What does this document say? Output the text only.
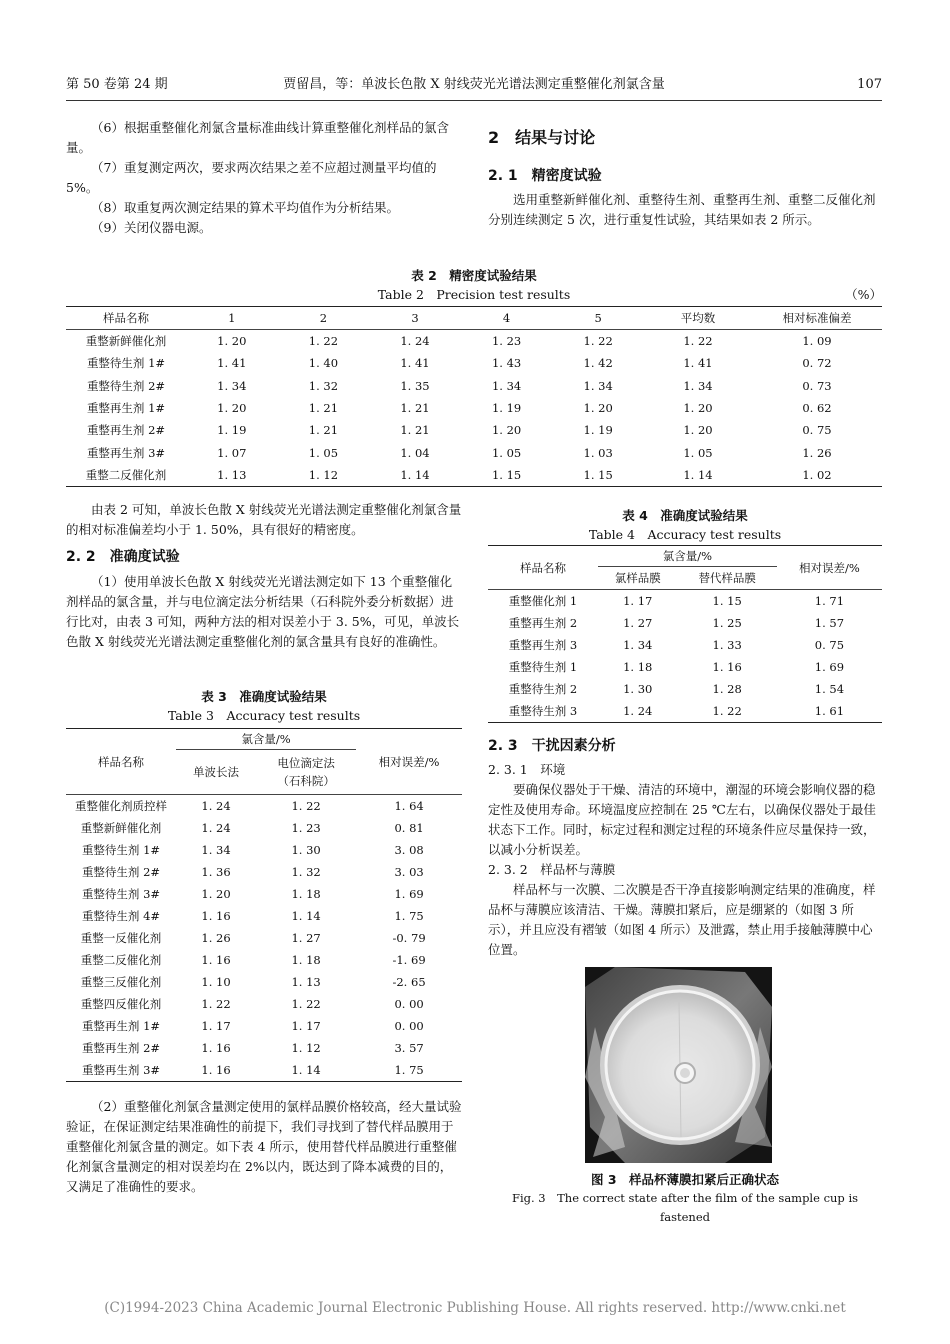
第 50 卷第 24 期	贾留昌，等：单波长色散 X 射线荧光光谱法测定重整催化剂氯含量	107

（6）根据重整催化剂氯含量标准曲线计算重整催化剂样品的氯含量。

（7）重复测定两次，要求两次结果之差不应超过测量平均值的 5%。

（8）取重复两次测定结果的算术平均值作为分析结果。

（9）关闭仪器电源。

2　结果与讨论
2. 1　精密度试验

选用重整新鲜催化剂、重整待生剂、重整再生剂、重整二反催化剂分别连续测定 5 次，进行重复性试验，其结果如表 2 所示。

表 2　精密度试验结果
Table 2　Precision test results	（%）
样品名称	1	2	3	4	5	平均数	相对标准偏差
重整新鲜催化剂	1. 20	1. 22	1. 24	1. 23	1. 22	1. 22	1. 09
重整待生剂 1#	1. 41	1. 40	1. 41	1. 43	1. 42	1. 41	0. 72
重整待生剂 2#	1. 34	1. 32	1. 35	1. 34	1. 34	1. 34	0. 73
重整再生剂 1#	1. 20	1. 21	1. 21	1. 19	1. 20	1. 20	0. 62
重整再生剂 2#	1. 19	1. 21	1. 21	1. 20	1. 19	1. 20	0. 75
重整再生剂 3#	1. 07	1. 05	1. 04	1. 05	1. 03	1. 05	1. 26
重整二反催化剂	1. 13	1. 12	1. 14	1. 15	1. 15	1. 14	1. 02

由表 2 可知，单波长色散 X 射线荧光光谱法测定重整催化剂氯含量的相对标准偏差均小于 1. 50%，具有很好的精密度。

2. 2　准确度试验

（1）使用单波长色散 X 射线荧光光谱法测定如下 13 个重整催化剂样品的氯含量，并与电位滴定法分析结果（石科院外委分析数据）进行比对，由表 3 可知，两种方法的相对误差小于 3. 5%，可见，单波长色散 X 射线荧光光谱法测定重整催化剂的氯含量具有良好的准确性。

表 3　准确度试验结果
Table 3　Accuracy test results
样品名称	氯含量/%		相对误差/%
	单波长法	电位滴定法
（石科院）	
重整催化剂质控样	1. 24	1. 22	1. 64
重整新鲜催化剂	1. 24	1. 23	0. 81
重整待生剂 1#	1. 34	1. 30	3. 08
重整待生剂 2#	1. 36	1. 32	3. 03
重整待生剂 3#	1. 20	1. 18	1. 69
重整待生剂 4#	1. 16	1. 14	1. 75
重整一反催化剂	1. 26	1. 27	-0. 79
重整二反催化剂	1. 16	1. 18	-1. 69
重整三反催化剂	1. 10	1. 13	-2. 65
重整四反催化剂	1. 22	1. 22	0. 00
重整再生剂 1#	1. 17	1. 17	0. 00
重整再生剂 2#	1. 16	1. 12	3. 57
重整再生剂 3#	1. 16	1. 14	1. 75

（2）重整催化剂氯含量测定使用的氯样品膜价格较高，经大量试验验证，在保证测定结果准确性的前提下，我们寻找到了替代样品膜用于重整催化剂氯含量的测定。如下表 4 所示，使用替代样品膜进行重整催化剂氯含量测定的相对误差均在 2%以内，既达到了降本减费的目的，又满足了准确性的要求。

表 4　准确度试验结果
Table 4　Accuracy test results
样品名称	氯含量/%		相对误差/%
	氯样品膜	替代样品膜	
重整催化剂 1	1. 17	1. 15	1. 71
重整再生剂 2	1. 27	1. 25	1. 57
重整再生剂 3	1. 34	1. 33	0. 75
重整待生剂 1	1. 18	1. 16	1. 69
重整待生剂 2	1. 30	1. 28	1. 54
重整待生剂 3	1. 24	1. 22	1. 61
2. 3　干扰因素分析

2. 3. 1　环境

要确保仪器处于干燥、清洁的环境中，潮湿的环境会影响仪器的稳定性及使用寿命。环境温度应控制在 25 ℃左右，以确保仪器处于最佳状态下工作。同时，标定过程和测定过程的环境条件应尽量保持一致，以减小分析误差。

2. 3. 2　样品杯与薄膜

样品杯与一次膜、二次膜是否干净直接影响测定结果的准确度，样品杯与薄膜应该清洁、干燥。薄膜扣紧后，应是绷紧的（如图 3 所示），并且应没有褶皱（如图 4 所示）及泄露，禁止用手接触薄膜中心位置。

图 3　样品杯薄膜扣紧后正确状态
Fig. 3　The correct state after the film of the sample cup is fastened
(C)1994-2023 China Academic Journal Electronic Publishing House. All rights reserved. http://www.cnki.net
